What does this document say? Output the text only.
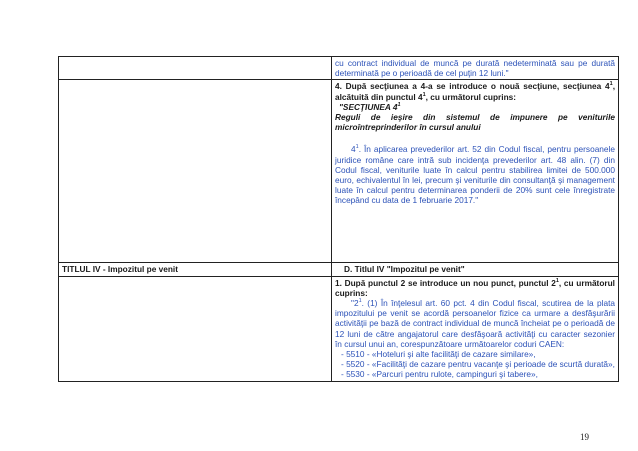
	cu contract individual de muncă pe durată nedeterminată sau pe durată determinată pe o perioadă de cel puţin 12 luni."

	4. După secţiunea a 4-a se introduce o nouă secţiune, secţiunea $4^1$, alcătuită din punctul $4^1$, cu următorul cuprins:
"SECŢIUNEA $4^1$
Reguli de ieşire din sistemul de impunere pe veniturile microîntreprinderilor în cursul anului
$4^1$. În aplicarea prevederilor art. 52 din Codul fiscal, pentru persoanele juridice române care intră sub incidenţa prevederilor art. 48 alin. (7) din Codul fiscal, veniturile luate în calcul pentru stabilirea limitei de 500.000 euro, echivalentul în lei, precum şi veniturile din consultanţă şi management luate în calcul pentru determinarea ponderii de 20% sunt cele înregistrate începând cu data de 1 februarie 2017."

TITLUL IV - Impozitul pe venit	D. Titlul IV "Impozitul pe venit"

	1. După punctul 2 se introduce un nou punct, punctul $2^1$, cu următorul cuprins:
"$2^1$. (1) În înţelesul art. 60 pct. 4 din Codul fiscal, scutirea de la plata impozitului pe venit se acordă persoanelor fizice ca urmare a desfăşurării activităţii pe bază de contract individual de muncă încheiat pe o perioadă de 12 luni de către angajatorul care desfăşoară activităţi cu caracter sezonier în cursul unui an, corespunzătoare următoarelor coduri CAEN:
- 5510 - «Hoteluri şi alte facilităţi de cazare similare»,
- 5520 - «Facilităţi de cazare pentru vacanţe şi perioade de scurtă durată»,
- 5530 - «Parcuri pentru rulote, campinguri şi tabere»,
19
